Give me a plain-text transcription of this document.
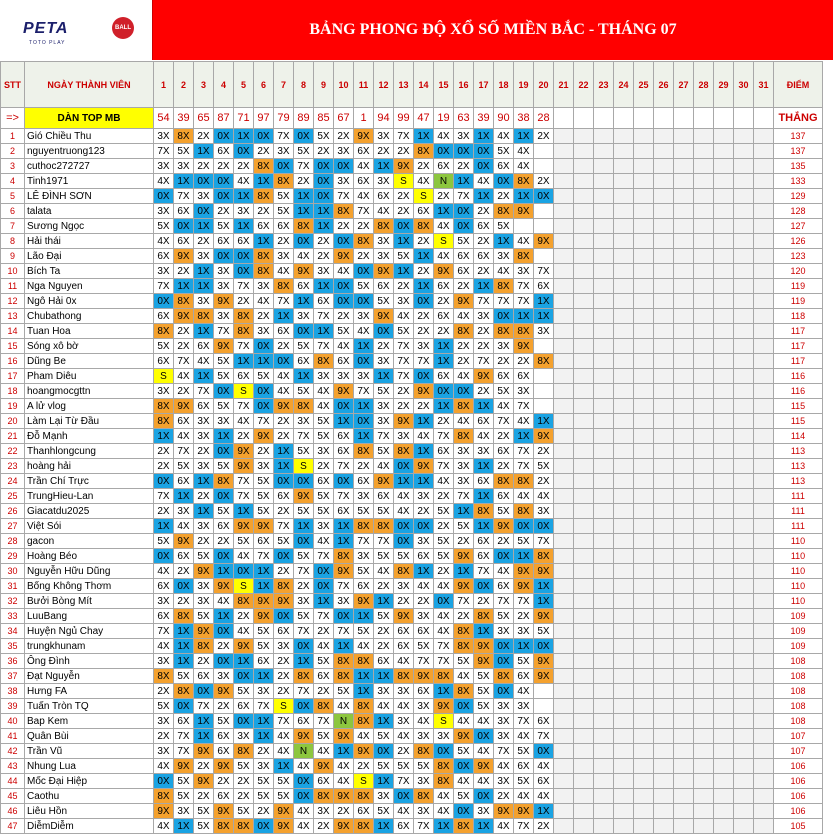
PETA
TOTO PLAY
BALL	BẢNG PHONG ĐỘ XỔ SỐ MIỀN BẮC - THÁNG 07
STT	NGÀY THÀNH VIÊN	1	2	3	4	5	6	7	8	9	10	11	12	13	14	15	16	17	18	19	20	21	22	23	24	25	26	27	28	29	30	31	ĐIỂM
=>	DÀN TOP MB	54	39	65	87	71	97	79	89	85	67	1	94	99	47	19	63	39	90	38	28												THẮNG
1	Gió Chiều Thu	3X	8X	2X	0X	1X	0X	7X	0X	5X	2X	9X	3X	7X	1X	4X	3X	1X	4X	1X	2X												137
2	nguyentruong123	7X	5X	1X	6X	0X	2X	3X	5X	2X	3X	6X	2X	2X	8X	0X	0X	0X	5X	4X													137
3	cuthoc272727	3X	3X	2X	2X	2X	8X	0X	7X	0X	0X	4X	1X	9X	2X	6X	2X	0X	6X	4X													135
4	Tinh1971	4X	1X	0X	0X	4X	1X	8X	2X	0X	3X	6X	3X	S	4X	N	1X	4X	0X	8X	2X												133
5	LÊ ĐÌNH SƠN	0X	7X	3X	0X	1X	8X	5X	1X	0X	7X	4X	6X	2X	S	2X	7X	1X	2X	1X	0X												129
6	talata	3X	6X	0X	2X	3X	2X	5X	1X	1X	8X	7X	4X	2X	6X	1X	0X	2X	8X	9X													128
7	Sương Ngọc	5X	0X	1X	5X	1X	6X	6X	8X	1X	2X	2X	8X	0X	8X	4X	0X	6X	5X														127
8	Hải thái	4X	6X	2X	6X	6X	1X	2X	0X	2X	0X	8X	3X	1X	2X	S	5X	2X	1X	4X	9X												126
9	Lão Đại	6X	9X	3X	0X	0X	8X	3X	4X	2X	9X	2X	3X	5X	1X	4X	6X	6X	3X	8X													123
10	Bích Ta	3X	2X	1X	3X	0X	8X	4X	9X	3X	4X	0X	9X	1X	2X	9X	6X	2X	4X	3X	7X												120
11	Nga Nguyen	7X	1X	1X	3X	7X	3X	8X	6X	1X	0X	5X	6X	2X	1X	6X	2X	1X	8X	7X	6X												119
12	Ngô Hải 0x	0X	8X	3X	9X	2X	4X	7X	1X	6X	0X	0X	5X	3X	0X	2X	9X	7X	7X	7X	1X												119
13	Chubathong	6X	9X	8X	3X	8X	2X	1X	3X	7X	2X	3X	9X	4X	2X	6X	4X	3X	0X	1X	1X												118
14	Tuan Hoa	8X	2X	1X	7X	8X	3X	6X	0X	1X	5X	4X	0X	5X	2X	2X	8X	2X	8X	8X	3X												117
15	Sóng xô bờ	5X	2X	6X	9X	7X	0X	2X	5X	7X	4X	1X	2X	7X	3X	1X	2X	2X	3X	9X													117
16	Dũng Be	6X	7X	4X	5X	1X	1X	0X	6X	8X	6X	0X	3X	7X	7X	1X	2X	7X	2X	2X	8X												117
17	Pham Diêu	S	4X	1X	5X	6X	5X	4X	1X	3X	3X	3X	1X	7X	0X	6X	4X	9X	6X	6X													116
18	hoangmocgttn	3X	2X	7X	0X	S	0X	4X	5X	4X	9X	7X	5X	2X	9X	0X	0X	2X	5X	3X													116
19	A lử vlog	8X	9X	6X	5X	7X	0X	9X	8X	4X	0X	1X	3X	2X	2X	1X	8X	1X	4X	7X													115
20	Làm Lại Từ Đầu	8X	6X	3X	3X	4X	7X	2X	3X	5X	1X	0X	3X	9X	1X	2X	4X	6X	7X	4X	1X												115
21	Đỗ Mạnh	1X	4X	3X	1X	2X	9X	2X	7X	5X	6X	1X	7X	3X	4X	7X	8X	4X	2X	1X	9X												114
22	Thanhlongcung	2X	7X	2X	0X	9X	2X	1X	5X	3X	6X	8X	5X	8X	1X	6X	3X	3X	6X	7X	2X												113
23	hoàng hải	2X	5X	3X	5X	9X	3X	1X	S	2X	7X	2X	4X	0X	9X	7X	3X	1X	2X	7X	5X												113
24	Trần Chí Trực	0X	6X	1X	8X	7X	5X	0X	0X	6X	0X	6X	9X	1X	1X	4X	3X	6X	8X	8X	2X												113
25	TrungHieu-Lan	7X	1X	2X	0X	7X	5X	6X	9X	5X	7X	3X	6X	4X	3X	2X	7X	1X	6X	4X	4X												111
26	Giacatdu2025	2X	3X	1X	5X	1X	5X	2X	5X	5X	6X	5X	5X	4X	2X	5X	1X	8X	5X	8X	3X												111
27	Việt Sói	1X	4X	3X	6X	9X	9X	7X	1X	3X	1X	8X	8X	0X	0X	2X	5X	1X	9X	0X	0X												111
28	gacon	5X	9X	2X	2X	5X	6X	5X	0X	4X	1X	7X	7X	0X	3X	5X	2X	6X	2X	5X	7X												110
29	Hoàng Béo	0X	6X	5X	0X	4X	7X	0X	5X	7X	8X	3X	5X	5X	6X	5X	9X	6X	0X	1X	8X												110
30	Nguyễn Hữu Dũng	4X	2X	9X	1X	0X	1X	2X	7X	0X	9X	5X	4X	8X	1X	2X	1X	7X	4X	9X	9X												110
31	Bống Không Thơm	6X	0X	3X	9X	S	1X	8X	2X	0X	7X	6X	2X	3X	4X	4X	9X	0X	6X	9X	1X												110
32	Bưởi Bòng Mít	3X	2X	3X	4X	8X	9X	9X	3X	1X	3X	9X	1X	2X	2X	0X	7X	2X	7X	7X	1X												110
33	LuuBang	6X	8X	5X	1X	2X	9X	0X	5X	7X	0X	1X	5X	9X	3X	4X	2X	8X	5X	2X	9X												109
34	Huyện Ngủ Chay	7X	1X	9X	0X	4X	5X	6X	7X	2X	7X	5X	2X	6X	6X	4X	8X	1X	3X	3X	5X												109
35	trungkhunam	4X	1X	8X	2X	9X	5X	3X	0X	4X	1X	4X	2X	6X	5X	7X	8X	9X	0X	1X	0X												109
36	Ông Đình	3X	1X	2X	0X	1X	6X	2X	1X	5X	8X	8X	6X	4X	7X	7X	5X	9X	0X	5X	9X												108
37	Đạt Nguyễn	8X	5X	6X	3X	0X	1X	2X	8X	6X	8X	1X	1X	8X	9X	8X	4X	5X	8X	6X	9X												108
38	Hưng FA	2X	8X	0X	9X	5X	3X	2X	7X	2X	5X	1X	3X	3X	6X	1X	8X	5X	0X	4X													108
39	Tuấn Tròn TQ	5X	0X	7X	2X	6X	7X	S	0X	8X	4X	8X	4X	4X	3X	9X	0X	5X	3X	3X													108
40	Bap Kem	3X	6X	1X	5X	0X	1X	7X	6X	7X	N	8X	1X	3X	4X	S	4X	4X	3X	7X	6X												108
41	Quân Bùi	2X	7X	1X	6X	3X	1X	4X	9X	5X	9X	4X	5X	4X	3X	3X	9X	0X	3X	4X	7X												107
42	Trần Vũ	3X	7X	9X	6X	8X	2X	4X	N	4X	1X	9X	0X	2X	8X	0X	5X	4X	7X	5X	0X												107
43	Nhung Lua	4X	9X	2X	9X	5X	3X	1X	4X	9X	4X	2X	5X	5X	5X	8X	0X	9X	4X	6X	4X												106
44	Mốc Đại Hiệp	0X	5X	9X	2X	2X	5X	5X	0X	6X	4X	S	1X	7X	3X	8X	4X	4X	3X	5X	6X												106
45	Caothu	8X	5X	2X	6X	2X	5X	5X	0X	8X	9X	8X	3X	0X	8X	4X	5X	0X	2X	4X	4X												106
46	Liêu Hồn	9X	3X	5X	9X	5X	2X	9X	4X	3X	2X	6X	5X	4X	3X	4X	0X	3X	9X	9X	1X												106
47	DiễmDiễm	4X	1X	5X	8X	8X	0X	9X	4X	2X	9X	8X	1X	6X	7X	1X	8X	1X	4X	7X	2X												105
